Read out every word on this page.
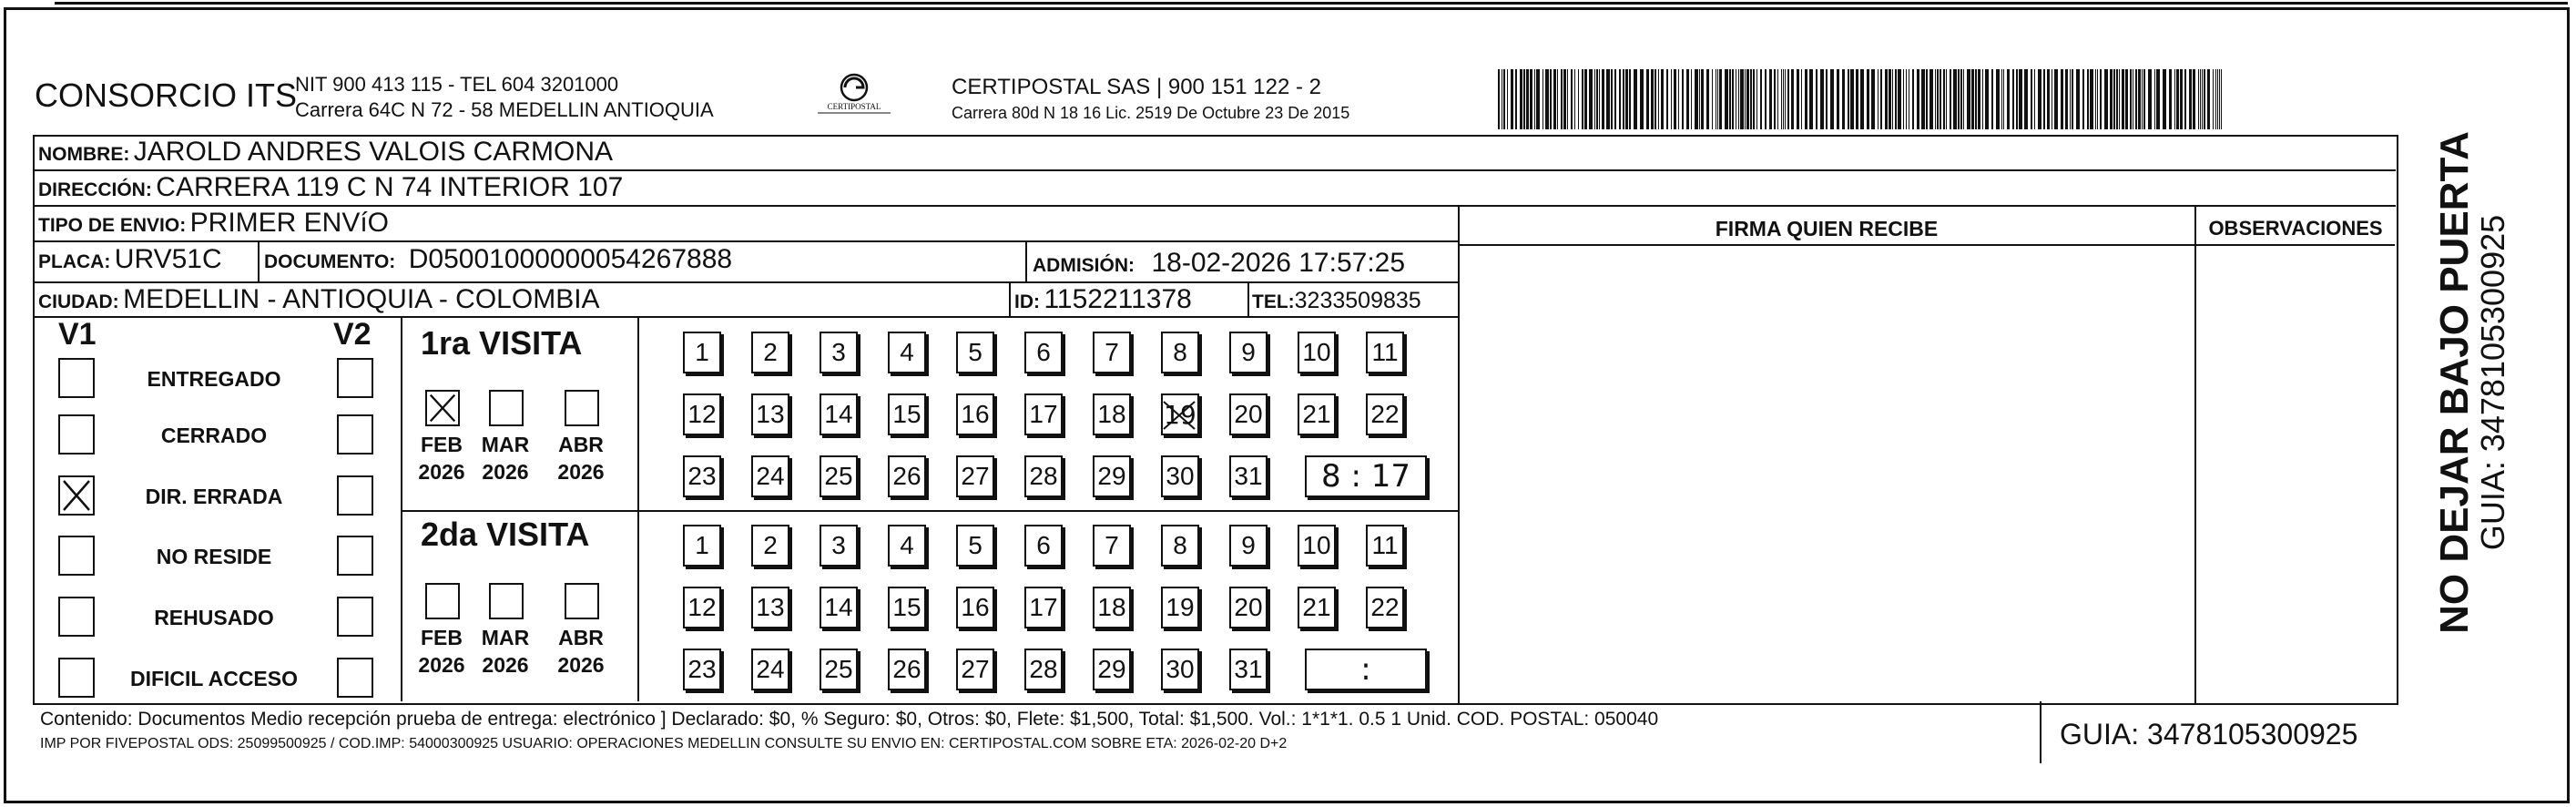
CONSORCIO ITS
NIT 900 413 115 - TEL 604 3201000
Carrera 64C N 72 - 58 MEDELLIN ANTIOQUIA	CERTIPOSTAL
CERTIPOSTAL SAS | 900 151 122 - 2
Carrera 80d N 18 16 Lic. 2519 De Octubre 23 De 2015
NOMBRE: JAROLD ANDRES VALOIS CARMONA
DIRECCIÓN: CARRERA 119 C N 74 INTERIOR 107
TIPO DE ENVIO: PRIMER ENVíO	FIRMA QUIEN RECIBE	OBSERVACIONES
PLACA: URV51C DOCUMENTO: D05001000000054267888	ADMISIÓN: 18-02-2026 17:57:25
CIUDAD: MEDELLIN - ANTIOQUIA - COLOMBIA	ID: 1152211378	TEL:3233509835
V1	V2 1ra VISITA
2da VISITA
Contenido: Documentos Medio recepción prueba de entrega: electrónico ] Declarado: $0, % Seguro: $0, Otros: $0, Flete: $1,500, Total: $1,500. Vol.: 1*1*1. 0.5 1 Unid. COD. POSTAL: 050040
IMP POR FIVEPOSTAL ODS: 25099500925 / COD.IMP: 54000300925 USUARIO: OPERACIONES MEDELLIN CONSULTE SU ENVIO EN: CERTIPOSTAL.COM SOBRE ETA: 2026-02-20 D+2	GUIA: 3478105300925
NO DEJAR BAJO PUERTA
GUIA: 3478105300925
ENTREGADO
CERRADO
DIR. ERRADA
NO RESIDE
REHUSADO
DIFICIL ACCESO
FEB
2026
MAR
2026
ABR
2026
FEB
2026
MAR
2026
ABR
2026
1	2	3	4	5	6	7	8	9	10 11
12 13 14 15 16 17 18 19 20 21 22
23 24 25 26 27 28 29 30 31	8 : 17
1	2	3	4	5	6	7	8	9	10 11
12 13 14 15 16 17 18 19 20 21 22
23 24 25 26 27 28 29 30 31	:
